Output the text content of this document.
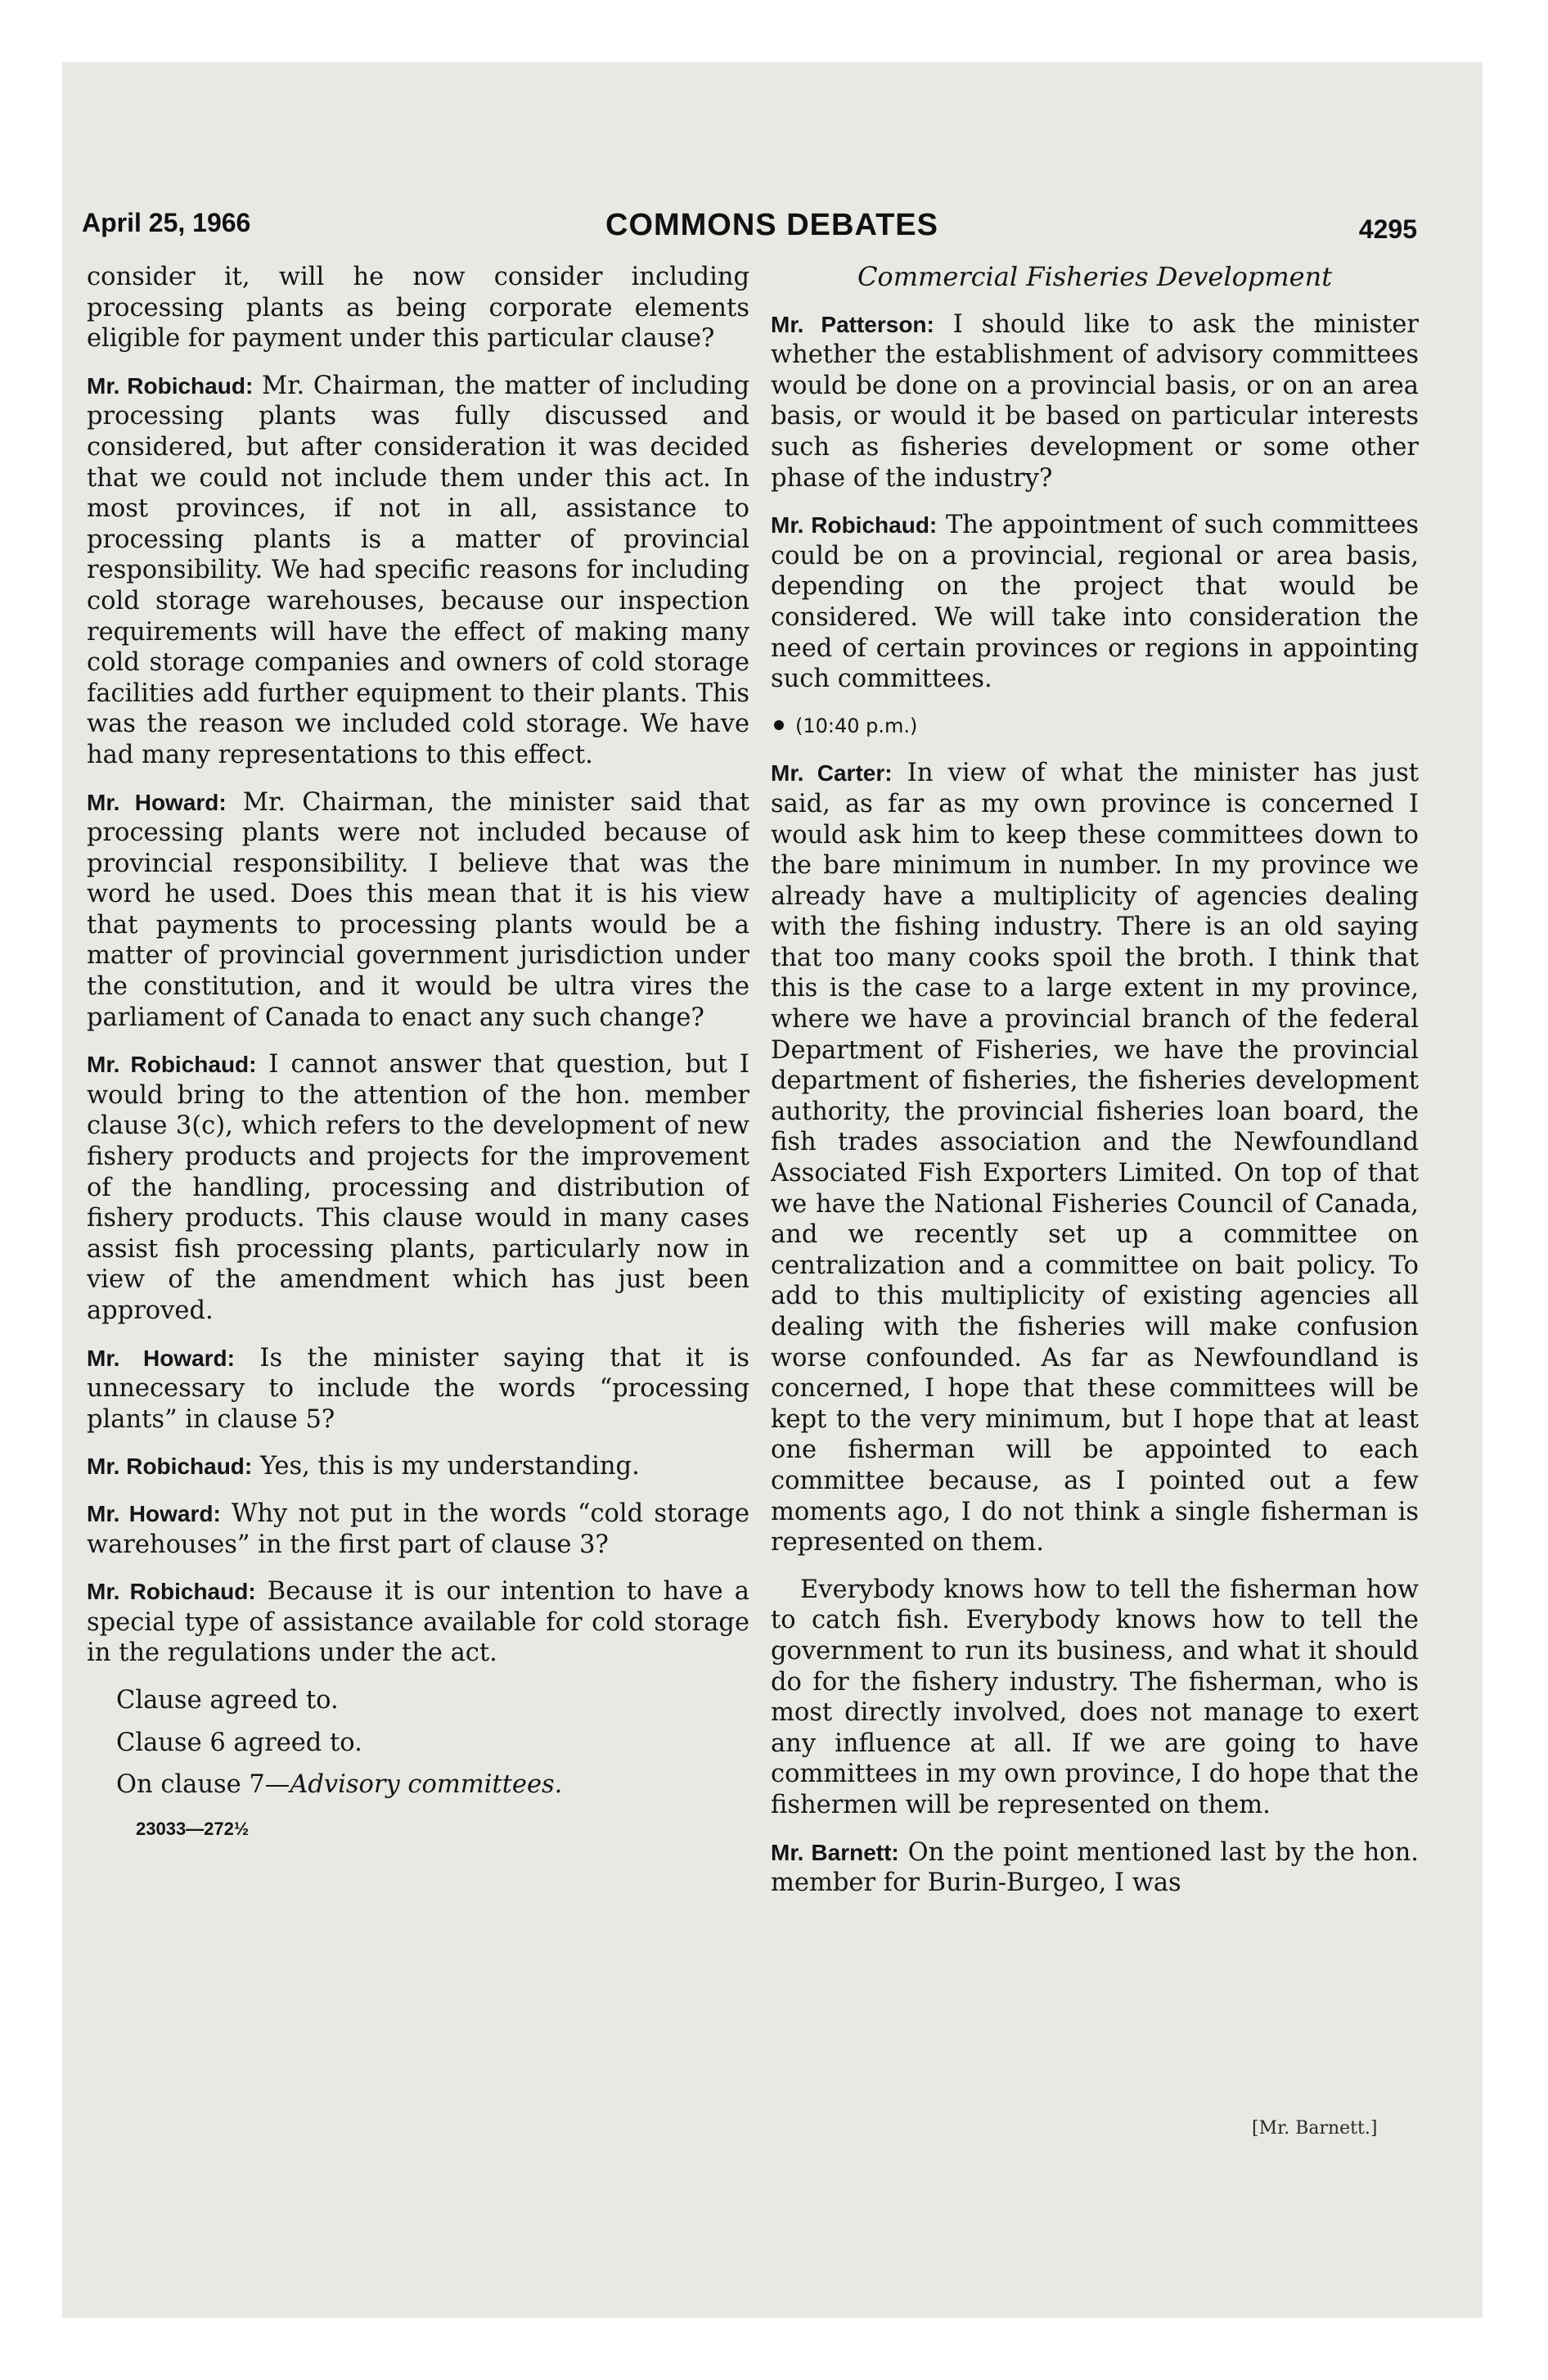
April 25, 1966	COMMONS DEBATES	4295

consider it, will he now consider including processing plants as being corporate elements eligible for payment under this particular clause?

Mr. Robichaud: Mr. Chairman, the matter of including processing plants was fully discussed and considered, but after consideration it was decided that we could not include them under this act. In most provinces, if not in all, assistance to processing plants is a matter of provincial responsibility. We had specific reasons for including cold storage warehouses, because our inspection requirements will have the effect of making many cold storage companies and owners of cold storage facilities add further equipment to their plants. This was the reason we included cold storage. We have had many representations to this effect.

Mr. Howard: Mr. Chairman, the minister said that processing plants were not included because of provincial responsibility. I believe that was the word he used. Does this mean that it is his view that payments to processing plants would be a matter of provincial government jurisdiction under the constitution, and it would be ultra vires the parliament of Canada to enact any such change?

Mr. Robichaud: I cannot answer that question, but I would bring to the attention of the hon. member clause 3(c), which refers to the development of new fishery products and projects for the improvement of the handling, processing and distribution of fishery products. This clause would in many cases assist fish processing plants, particularly now in view of the amendment which has just been approved.

Mr. Howard: Is the minister saying that it is unnecessary to include the words “processing plants” in clause 5?

Mr. Robichaud: Yes, this is my understanding.

Mr. Howard: Why not put in the words “cold storage warehouses” in the first part of clause 3?

Mr. Robichaud: Because it is our intention to have a special type of assistance available for cold storage in the regulations under the act.

Clause agreed to.

Clause 6 agreed to.

On clause 7—Advisory committees.

23033—272½

Commercial Fisheries Development

Mr. Patterson: I should like to ask the minister whether the establishment of advisory committees would be done on a provincial basis, or on an area basis, or would it be based on particular interests such as fisheries development or some other phase of the industry?

Mr. Robichaud: The appointment of such committees could be on a provincial, regional or area basis, depending on the project that would be considered. We will take into consideration the need of certain provinces or regions in appointing such committees.

(10:40 p.m.)

Mr. Carter: In view of what the minister has just said, as far as my own province is concerned I would ask him to keep these committees down to the bare minimum in number. In my province we already have a multiplicity of agencies dealing with the fishing industry. There is an old saying that too many cooks spoil the broth. I think that this is the case to a large extent in my province, where we have a provincial branch of the federal Department of Fisheries, we have the provincial department of fisheries, the fisheries development authority, the provincial fisheries loan board, the fish trades association and the Newfoundland Associated Fish Exporters Limited. On top of that we have the National Fisheries Council of Canada, and we recently set up a committee on centralization and a committee on bait policy. To add to this multiplicity of existing agencies all dealing with the fisheries will make confusion worse confounded. As far as Newfoundland is concerned, I hope that these committees will be kept to the very minimum, but I hope that at least one fisherman will be appointed to each committee because, as I pointed out a few moments ago, I do not think a single fisherman is represented on them.

Everybody knows how to tell the fisherman how to catch fish. Everybody knows how to tell the government to run its business, and what it should do for the fishery industry. The fisherman, who is most directly involved, does not manage to exert any influence at all. If we are going to have committees in my own province, I do hope that the fishermen will be represented on them.

Mr. Barnett: On the point mentioned last by the hon. member for Burin-Burgeo, I was

[Mr. Barnett.]
